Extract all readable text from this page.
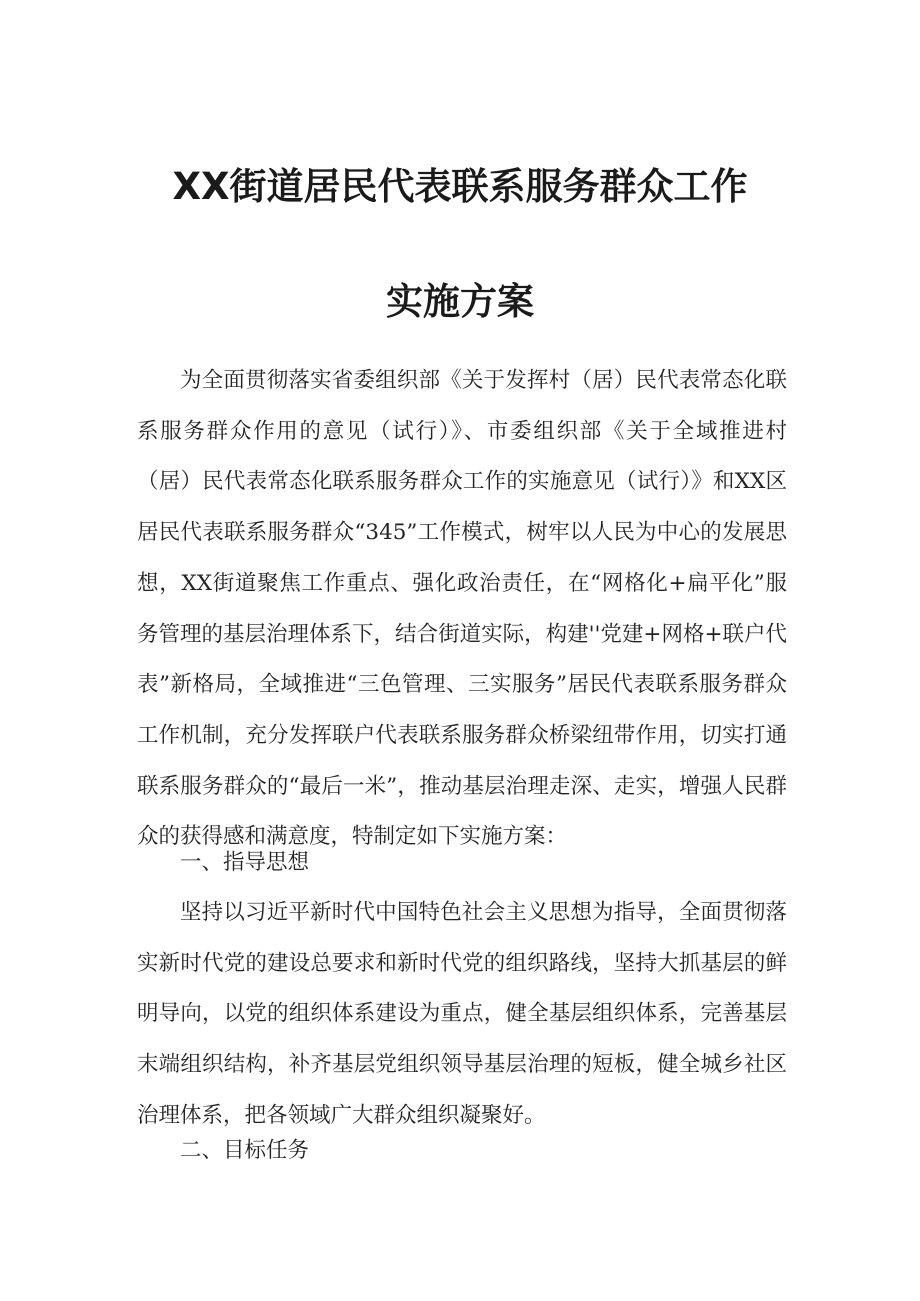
XX街道居民代表联系服务群众工作
实施方案

为全面贯彻落实省委组织部《关于发挥村（居）民代表常态化联系服务群众作用的意见（试行）》、市委组织部《关于全域推进村（居）民代表常态化联系服务群众工作的实施意见（试行）》和XX区居民代表联系服务群众“345”工作模式，树牢以人民为中心的发展思想，XX街道聚焦工作重点、强化政治责任，在“网格化+扁平化”服务管理的基层治理体系下，结合街道实际，构建''党建+网格+联户代表”新格局，全域推进“三色管理、三实服务”居民代表联系服务群众工作机制，充分发挥联户代表联系服务群众桥梁纽带作用，切实打通联系服务群众的“最后一米”，推动基层治理走深、走实，增强人民群众的获得感和满意度，特制定如下实施方案：

一、指导思想

坚持以习近平新时代中国特色社会主义思想为指导，全面贯彻落实新时代党的建设总要求和新时代党的组织路线，坚持大抓基层的鲜明导向，以党的组织体系建设为重点，健全基层组织体系，完善基层末端组织结构，补齐基层党组织领导基层治理的短板，健全城乡社区治理体系，把各领域广大群众组织凝聚好。

二、目标任务
